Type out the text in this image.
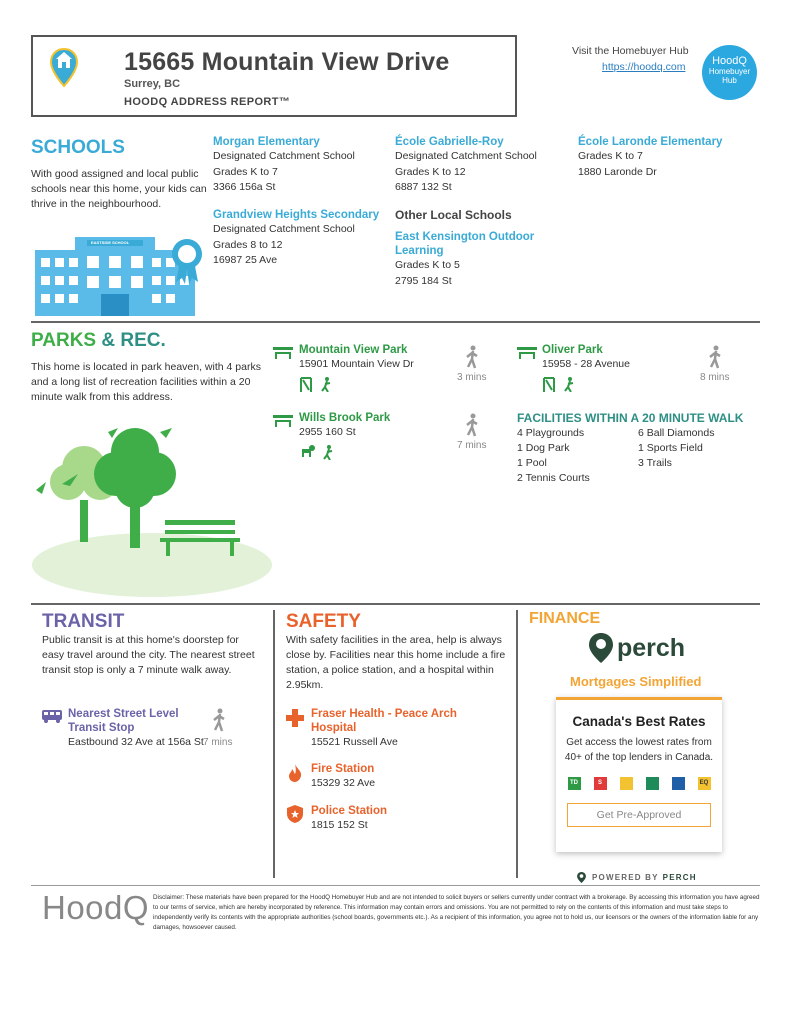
15665 Mountain View Drive
Surrey, BC
HOODQ ADDRESS REPORT™
Visit the Homebuyer Hub
https://hoodq.com	HoodQ
Homebuyer
Hub
SCHOOLS
With good assigned and local public schools near this home, your kids can thrive in the neighbourhood.
EASTSIDE SCHOOL
Morgan Elementary
Designated Catchment School
Grades K to 7
3366 156a St
Grandview Heights Secondary
Designated Catchment School
Grades 8 to 12
16987 25 Ave
École Gabrielle-Roy
Designated Catchment School
Grades K to 12
6887 132 St
Other Local Schools
East Kensington Outdoor Learning
Grades K to 5
2795 184 St
École Laronde Elementary
Grades K to 7
1880 Laronde Dr
PARKS & REC.
This home is located in park heaven, with 4 parks and a long list of recreation facilities within a 20 minute walk from this address.
Mountain View Park
15901 Mountain View Dr
3 mins
Oliver Park
15958 - 28 Avenue
8 mins
Wills Brook Park
2955 160 St
7 mins
FACILITIES WITHIN A 20 MINUTE WALK
4 Playgrounds
1 Dog Park
1 Pool
2 Tennis Courts
6 Ball Diamonds
1 Sports Field
3 Trails
TRANSIT
Public transit is at this home's doorstep for easy travel around the city. The nearest street transit stop is only a 7 minute walk away.
Nearest Street Level Transit Stop
Eastbound 32 Ave at 156a St 7 mins
SAFETY
With safety facilities in the area, help is always close by. Facilities near this home include a fire station, a police station, and a hospital within 2.95km.
Fraser Health - Peace Arch Hospital
15521 Russell Ave
Fire Station
15329 32 Ave
Police Station
1815 152 St
FINANCE
perch
Mortgages Simplified
Canada's Best Rates
Get access the lowest rates from 40+ of the top lenders in Canada.
TD	S	EQ
Get Pre-Approved
POWERED BY PERCH
HoodQ Disclaimer: These materials have been prepared for the HoodQ Homebuyer Hub and are not intended to solicit buyers or sellers currently under contract with a brokerage. By accessing this information you have agreed to our terms of service, which are hereby incorporated by reference. This information may contain errors and omissions. You are not permitted to rely on the contents of this information and must take steps to independently verify its contents with the appropriate authorities (school boards, governments etc.). As a recipient of this information, you agree not to hold us, our licensors or the owners of the information liable for any damages, howsoever caused.
